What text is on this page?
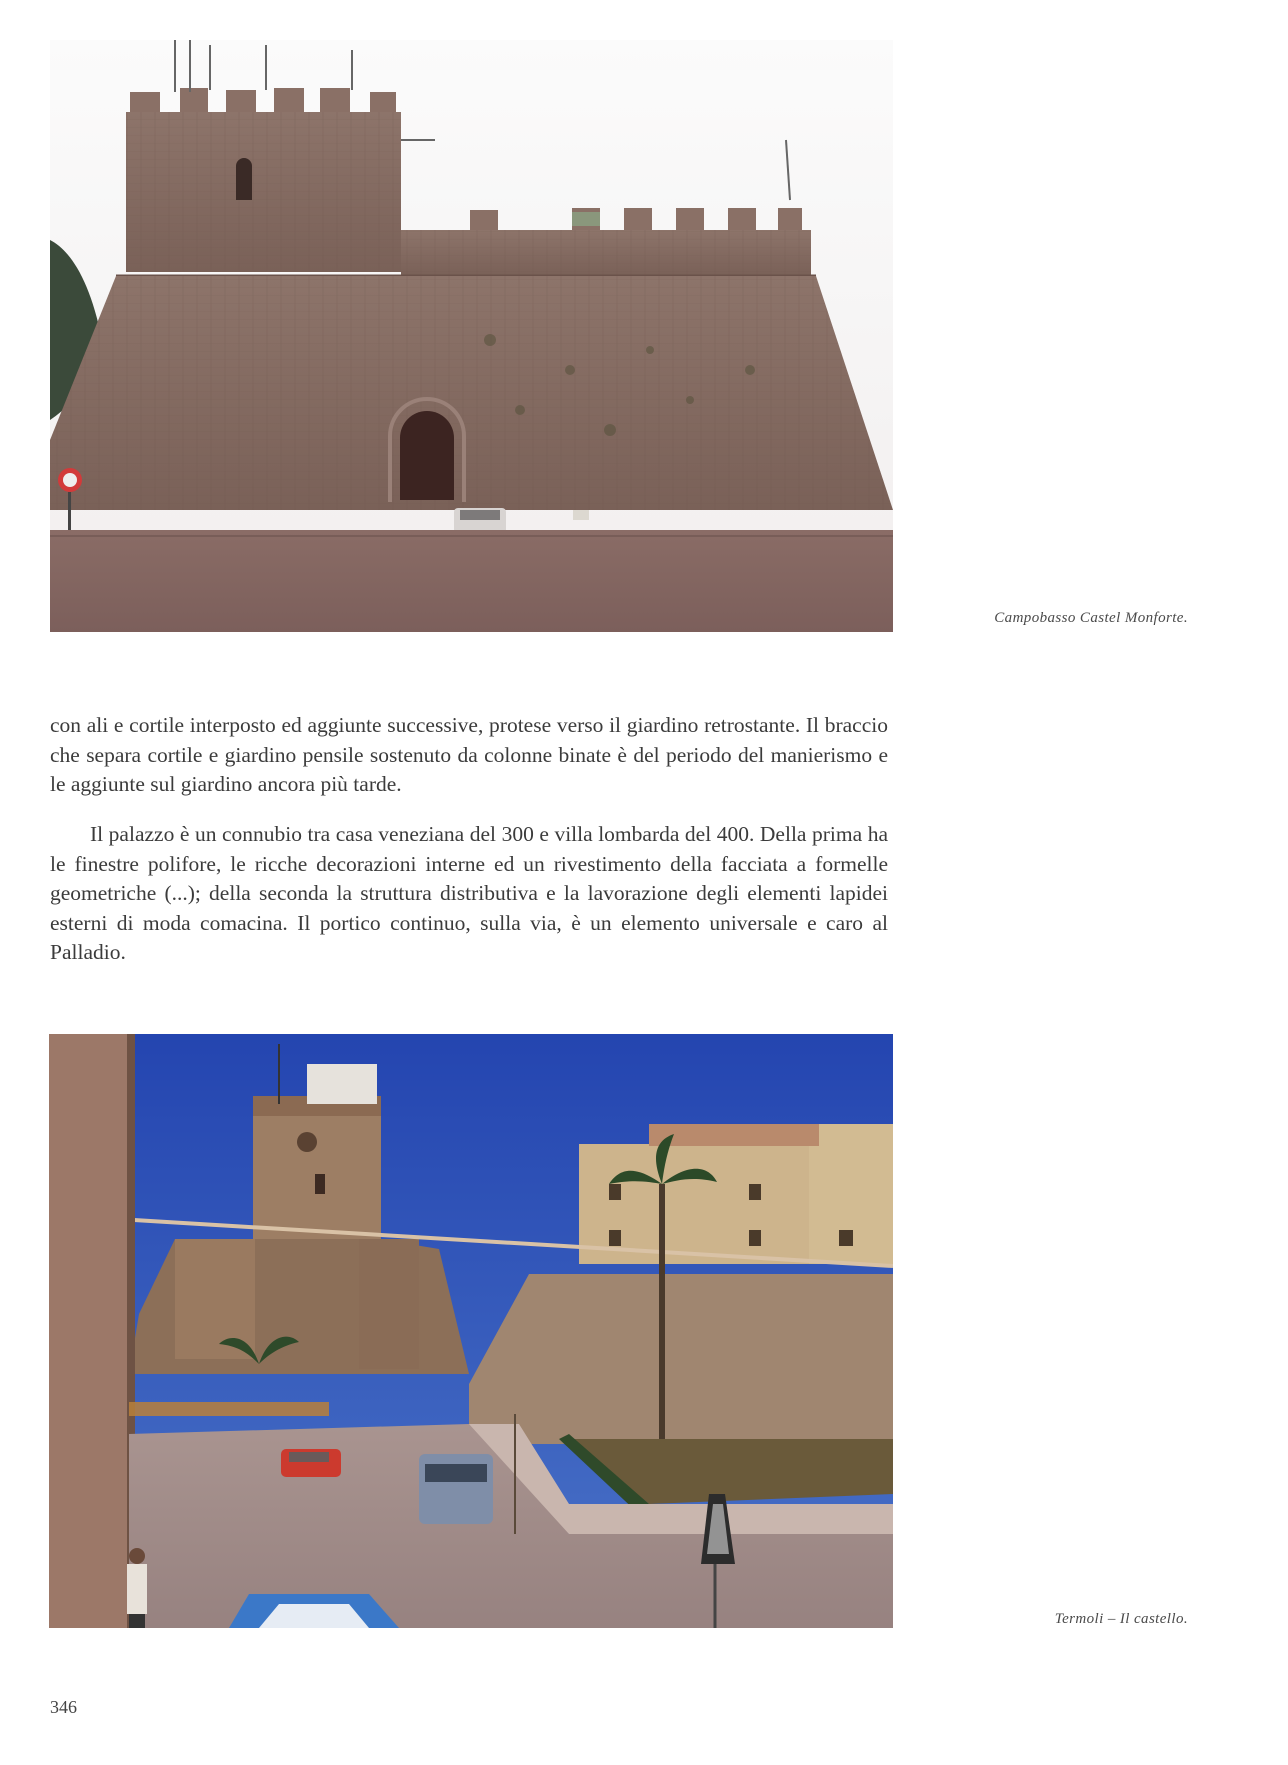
Campobasso Castel Monforte.

con ali e cortile interposto ed aggiunte successive, protese verso il giardino retrostante. Il braccio che separa cortile e giardino pensile sostenuto da colonne binate è del periodo del manierismo e le aggiunte sul giardino ancora più tarde.

Il palazzo è un connubio tra casa veneziana del 300 e villa lombarda del 400. Della prima ha le finestre polifore, le ricche decorazioni interne ed un rivestimento della facciata a formelle geometriche (...); della seconda la struttura distributiva e la lavorazione degli elementi lapidei esterni di moda comacina. Il portico continuo, sulla via, è un elemento universale e caro al Palladio.

Termoli – Il castello.
346
